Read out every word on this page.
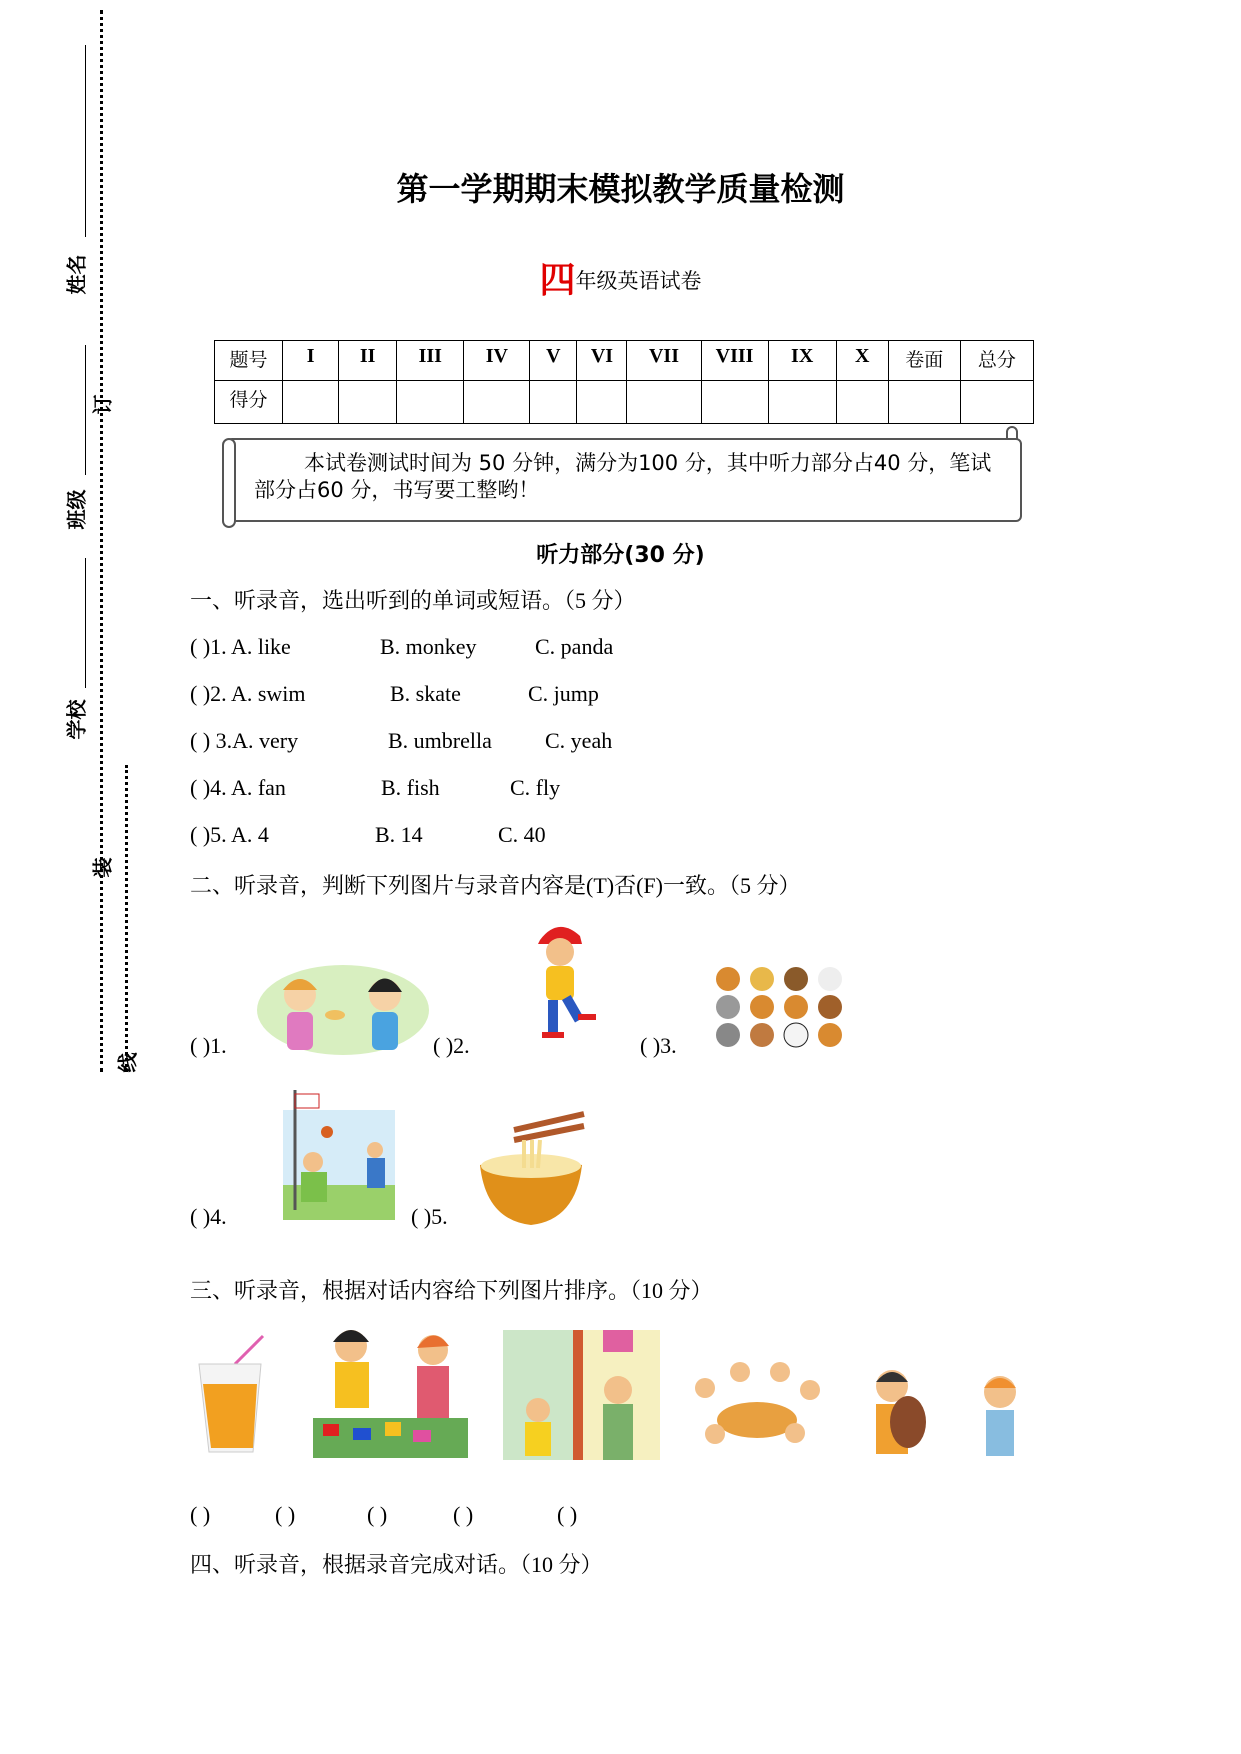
姓名
订
班级
学校
装
线
第一学期期末模拟教学质量检测
四年级英语试卷
题号	I	II	III	IV	V	VI	VII	VIII	IX	X	卷面	总分
得分												
本试卷测试时间为 50 分钟，满分为100 分，其中听力部分占40 分，笔试部分占60 分，书写要工整哟！
听力部分(30 分)
一、听录音，选出听到的单词或短语。（5 分）
( )1. A. like	B. monkey	C. panda
( )2. A. swim	B. skate	C. jump
( ) 3.A. very	B. umbrella C. yeah
( )4. A. fan	B. fish	C. fly
( )5. A. 4	B. 14	C. 40
二、听录音，判断下列图片与录音内容是(T)否(F)一致。（5 分）
( )1.	( )2.	( )3.
( )4.	( )5.
三、听录音，根据对话内容给下列图片排序。（10 分）
( )	( )	( )	( )	( )
四、听录音，根据录音完成对话。（10 分）
